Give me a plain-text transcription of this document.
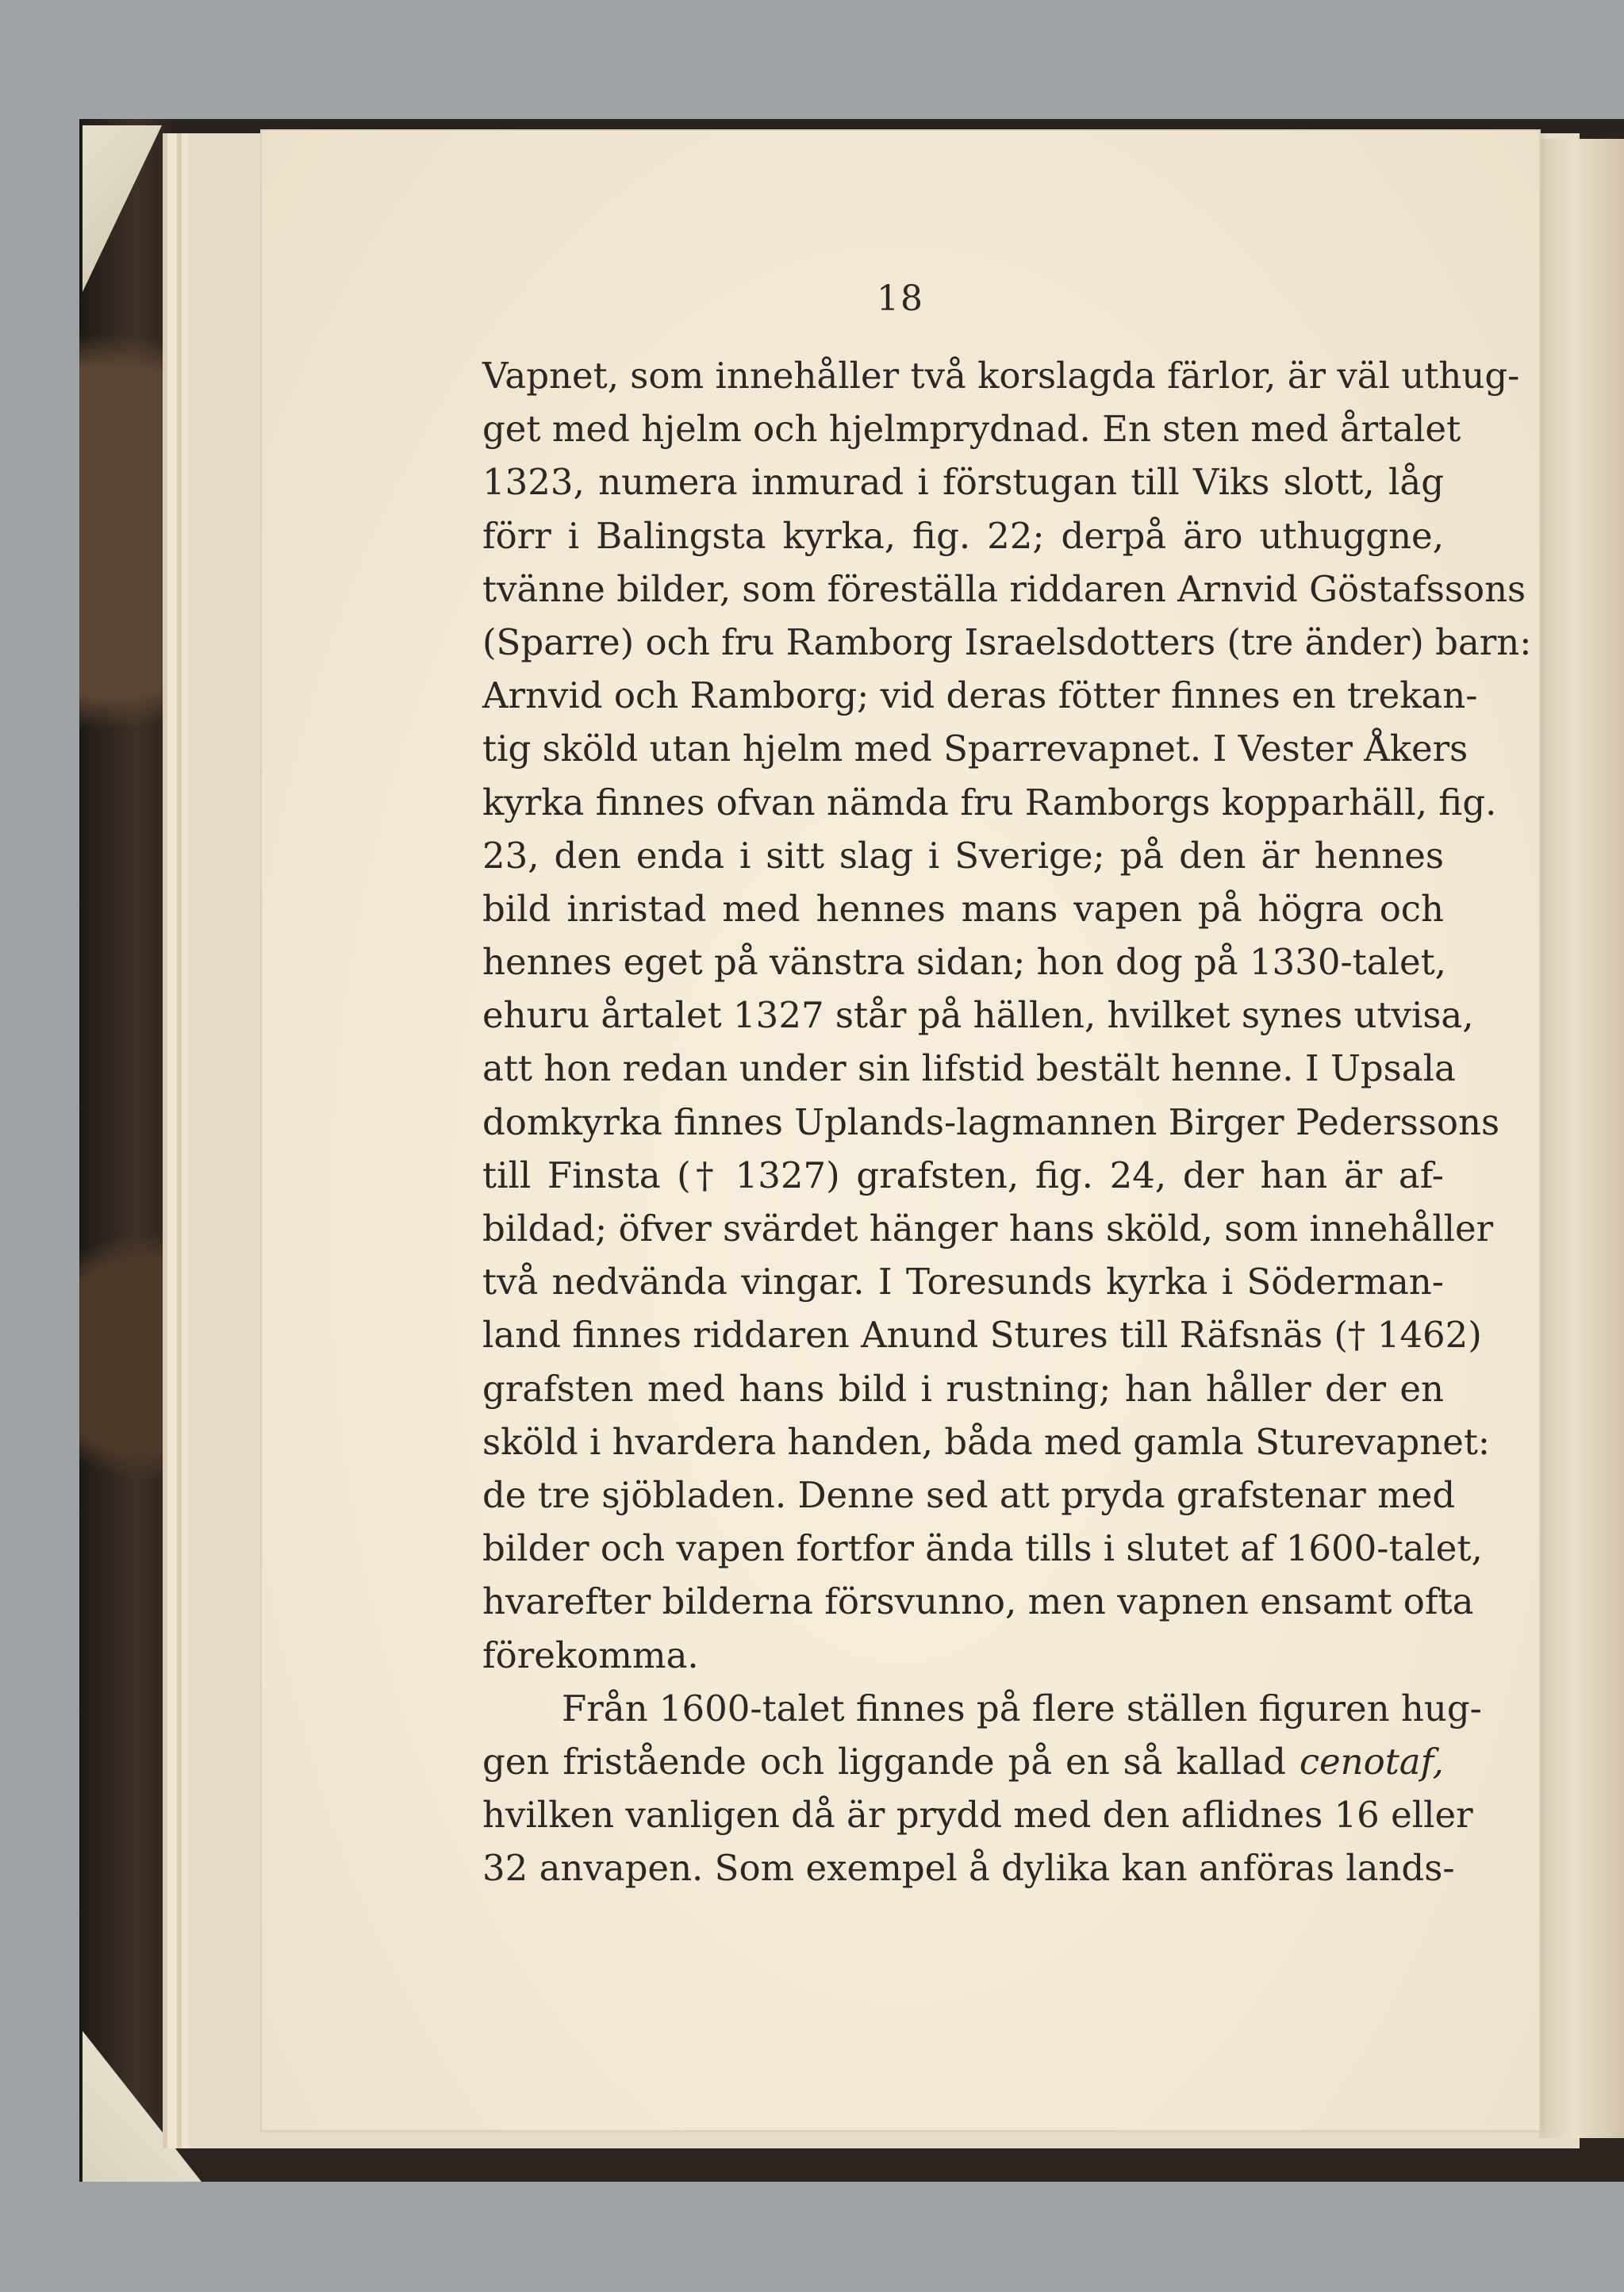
18
Vapnet, som innehåller två korslagda färlor, är väl uthug-
get med hjelm och hjelmprydnad. En sten med årtalet
1323, numera inmurad i förstugan till Viks slott, låg
förr i Balingsta kyrka, fig. 22; derpå äro uthuggne,
tvänne bilder, som föreställa riddaren Arnvid Göstafssons
(Sparre) och fru Ramborg Israelsdotters (tre änder) barn:
Arnvid och Ramborg; vid deras fötter finnes en trekan-
tig sköld utan hjelm med Sparrevapnet. I Vester Åkers
kyrka finnes ofvan nämda fru Ramborgs kopparhäll, fig.
23, den enda i sitt slag i Sverige; på den är hennes
bild inristad med hennes mans vapen på högra och
hennes eget på vänstra sidan; hon dog på 1330-talet,
ehuru årtalet 1327 står på hällen, hvilket synes utvisa,
att hon redan under sin lifstid bestält henne. I Upsala
domkyrka finnes Uplands-lagmannen Birger Pederssons
till Finsta († 1327) grafsten, fig. 24, der han är af-
bildad; öfver svärdet hänger hans sköld, som innehåller
två nedvända vingar. I Toresunds kyrka i Söderman-
land finnes riddaren Anund Stures till Räfsnäs († 1462)
grafsten med hans bild i rustning; han håller der en
sköld i hvardera handen, båda med gamla Sturevapnet:
de tre sjöbladen. Denne sed att pryda grafstenar med
bilder och vapen fortfor ända tills i slutet af 1600-talet,
hvarefter bilderna försvunno, men vapnen ensamt ofta
förekomma.
Från 1600-talet finnes på flere ställen figuren hug-
gen fristående och liggande på en så kallad cenotaf,
hvilken vanligen då är prydd med den aflidnes 16 eller
32 anvapen. Som exempel å dylika kan anföras lands-
